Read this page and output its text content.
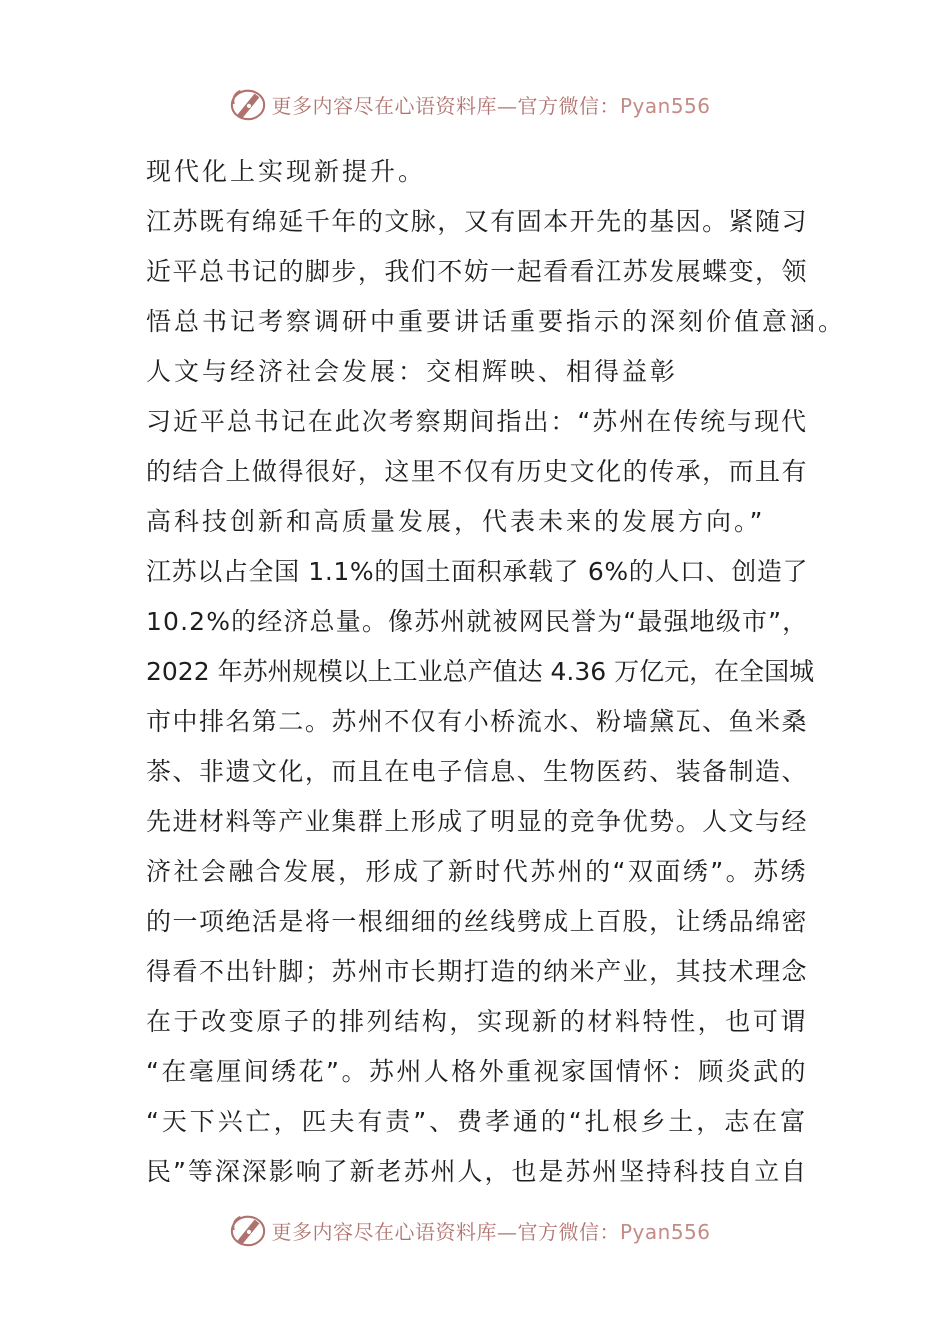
更多内容尽在心语资料库—官方微信：Pyan556
现代化上实现新提升。
江苏既有绵延千年的文脉，又有固本开先的基因。紧随习
近平总书记的脚步，我们不妨一起看看江苏发展蝶变，领
悟总书记考察调研中重要讲话重要指示的深刻价值意涵。
人文与经济社会发展：交相辉映、相得益彰
习近平总书记在此次考察期间指出：“苏州在传统与现代
的结合上做得很好，这里不仅有历史文化的传承，而且有
高科技创新和高质量发展，代表未来的发展方向。”
江苏以占全国 1.1%的国土面积承载了 6%的人口、创造了
10.2%的经济总量。像苏州就被网民誉为“最强地级市”，
2022 年苏州规模以上工业总产值达 4.36 万亿元，在全国城
市中排名第二。苏州不仅有小桥流水、粉墙黛瓦、鱼米桑
茶、非遗文化，而且在电子信息、生物医药、装备制造、
先进材料等产业集群上形成了明显的竞争优势。人文与经
济社会融合发展，形成了新时代苏州的“双面绣”。苏绣
的一项绝活是将一根细细的丝线劈成上百股，让绣品绵密
得看不出针脚；苏州市长期打造的纳米产业，其技术理念
在于改变原子的排列结构，实现新的材料特性，也可谓
“在毫厘间绣花”。苏州人格外重视家国情怀：顾炎武的
“天下兴亡，匹夫有责”、费孝通的“扎根乡土，志在富
民”等深深影响了新老苏州人，也是苏州坚持科技自立自
更多内容尽在心语资料库—官方微信：Pyan556
